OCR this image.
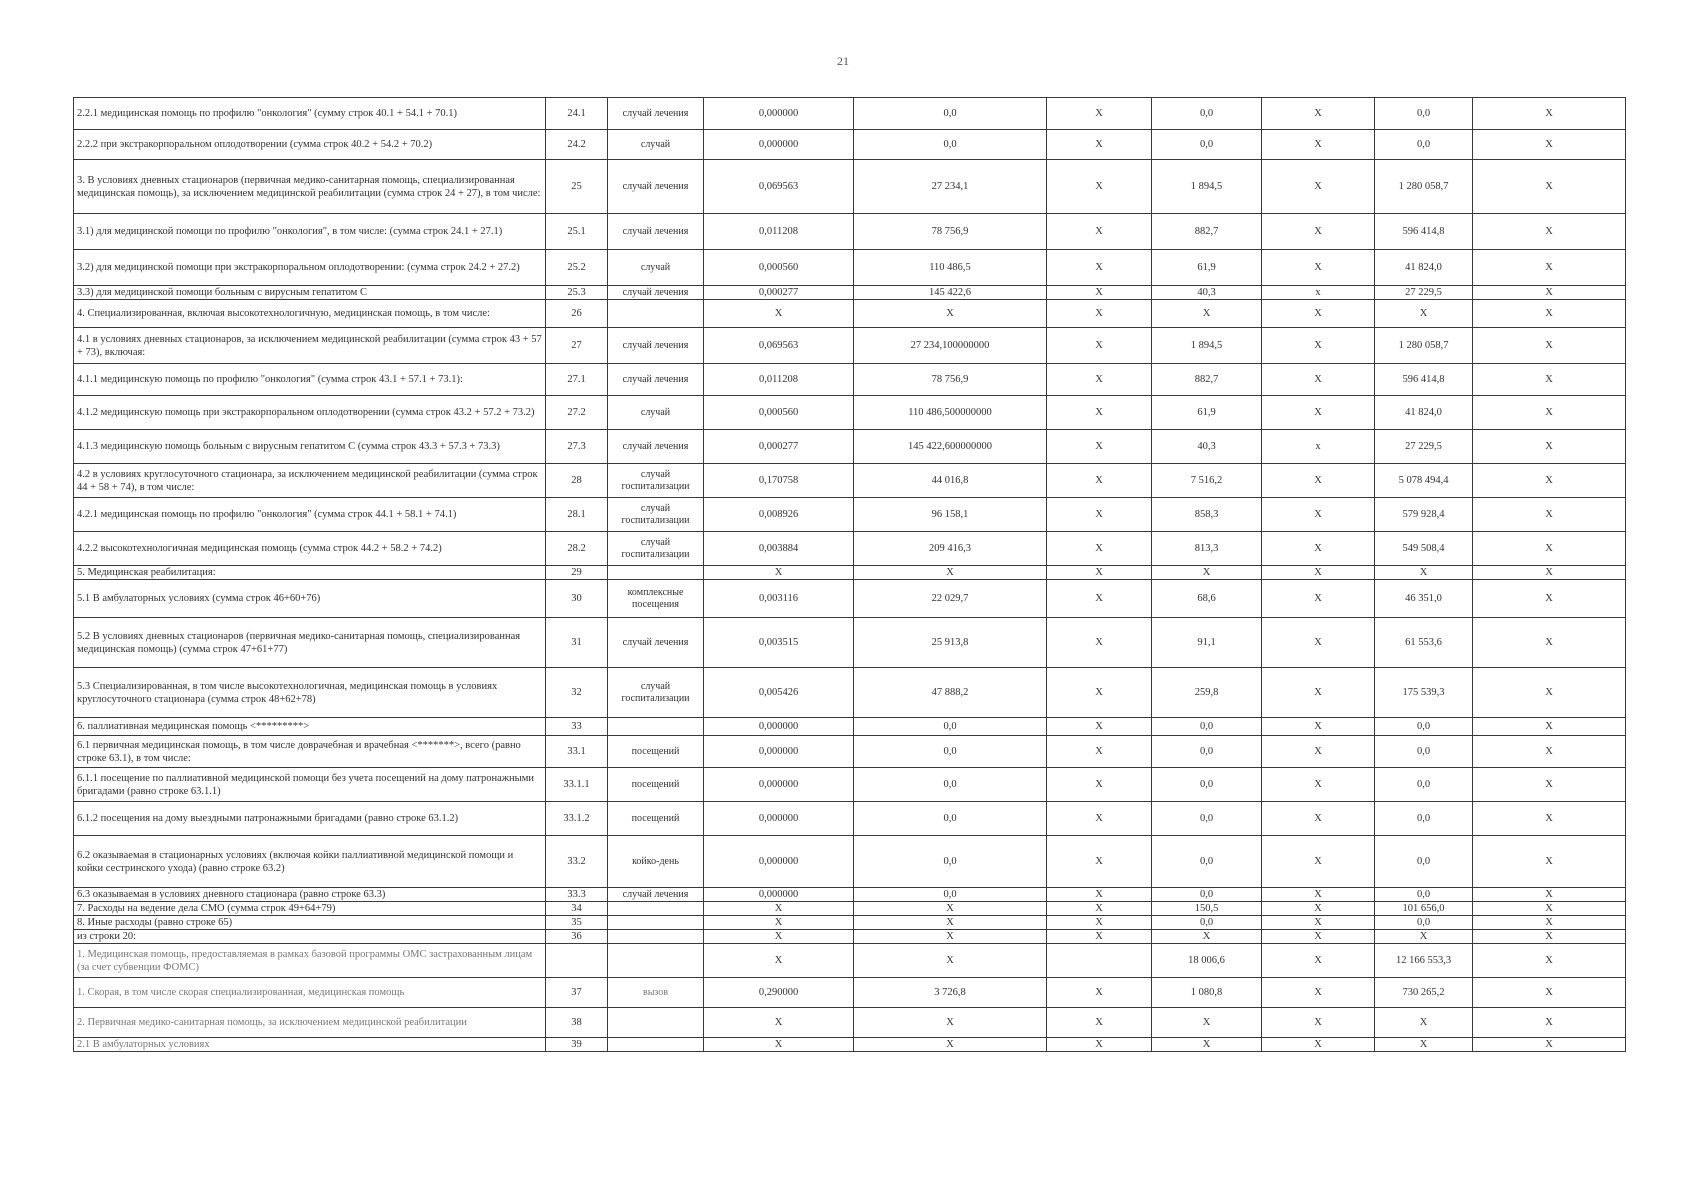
21
2.2.1 медицинская помощь по профилю "онкология" (сумму строк 40.1 + 54.1 + 70.1)	24.1	случай лечения	0,000000	0,0	X	0,0	X	0,0	X
2.2.2 при экстракорпоральном оплодотворении (сумма строк 40.2 + 54.2 + 70.2)	24.2	случай	0,000000	0,0	X	0,0	X	0,0	X
3. В условиях дневных стационаров (первичная медико-санитарная помощь, специализированная медицинская помощь), за исключением медицинской реабилитации (сумма строк 24 + 27), в том числе:	25	случай лечения	0,069563	27 234,1	X	1 894,5	X	1 280 058,7	X
3.1) для медицинской помощи по профилю "онкология", в том числе: (сумма строк 24.1 + 27.1)	25.1	случай лечения	0,011208	78 756,9	X	882,7	X	596 414,8	X
3.2) для медицинской помощи при экстракорпоральном оплодотворении: (сумма строк 24.2 + 27.2)	25.2	случай	0,000560	110 486,5	X	61,9	X	41 824,0	X
3.3) для медицинской помощи больным с вирусным гепатитом С	25.3	случай лечения	0,000277	145 422,6	X	40,3	x	27 229,5	X
4. Специализированная, включая высокотехнологичную, медицинская помощь, в том числе:	26		X	X	X	X	X	X	X
4.1 в условиях дневных стационаров, за исключением медицинской реабилитации (сумма строк 43 + 57 + 73), включая:	27	случай лечения	0,069563	27 234,100000000	X	1 894,5	X	1 280 058,7	X
4.1.1 медицинскую помощь по профилю "онкология" (сумма строк 43.1 + 57.1 + 73.1):	27.1	случай лечения	0,011208	78 756,9	X	882,7	X	596 414,8	X
4.1.2 медицинскую помощь при экстракорпоральном оплодотворении (сумма строк 43.2 + 57.2 + 73.2)	27.2	случай	0,000560	110 486,500000000	X	61,9	X	41 824,0	X
4.1.3 медицинскую помощь больным с вирусным гепатитом С (сумма строк 43.3 + 57.3 + 73.3)	27.3	случай лечения	0,000277	145 422,600000000	X	40,3	x	27 229,5	X
4.2 в условиях круглосуточного стационара, за исключением медицинской реабилитации (сумма строк 44 + 58 + 74), в том числе:	28	случай госпитализации	0,170758	44 016,8	X	7 516,2	X	5 078 494,4	X
4.2.1 медицинская помощь по профилю "онкология" (сумма строк 44.1 + 58.1 + 74.1)	28.1	случай госпитализации	0,008926	96 158,1	X	858,3	X	579 928,4	X
4.2.2 высокотехнологичная медицинская помощь (сумма строк 44.2 + 58.2 + 74.2)	28.2	случай госпитализации	0,003884	209 416,3	X	813,3	X	549 508,4	X
5. Медицинская реабилитация:	29		X	X	X	X	X	X	X
5.1 В амбулаторных условиях (сумма строк 46+60+76)	30	комплексные посещения	0,003116	22 029,7	X	68,6	X	46 351,0	X
5.2 В условиях дневных стационаров (первичная медико-санитарная помощь, специализированная медицинская помощь) (сумма строк 47+61+77)	31	случай лечения	0,003515	25 913,8	X	91,1	X	61 553,6	X
5.3 Специализированная, в том числе высокотехнологичная, медицинская помощь в условиях круглосуточного стационара (сумма строк 48+62+78)	32	случай госпитализации	0,005426	47 888,2	X	259,8	X	175 539,3	X
6. паллиативная медицинская помощь <*********>	33		0,000000	0,0	X	0,0	X	0,0	X
6.1 первичная медицинская помощь, в том числе доврачебная и врачебная <*******>, всего (равно строке 63.1), в том числе:	33.1	посещений	0,000000	0,0	X	0,0	X	0,0	X
6.1.1 посещение по паллиативной медицинской помощи без учета посещений на дому патронажными бригадами (равно строке 63.1.1)	33.1.1	посещений	0,000000	0,0	X	0,0	X	0,0	X
6.1.2 посещения на дому выездными патронажными бригадами (равно строке 63.1.2)	33.1.2	посещений	0,000000	0,0	X	0,0	X	0,0	X
6.2 оказываемая в стационарных условиях (включая койки паллиативной медицинской помощи и койки сестринского ухода) (равно строке 63.2)	33.2	койко-день	0,000000	0,0	X	0,0	X	0,0	X
6.3 оказываемая в условиях дневного стационара (равно строке 63.3)	33.3	случай лечения	0,000000	0,0	X	0,0	X	0,0	X
7. Расходы на ведение дела СМО (сумма строк 49+64+79)	34		X	X	X	150,5	X	101 656,0	X
8. Иные расходы (равно строке 65)	35		X	X	X	0,0	X	0,0	X
из строки 20:	36		X	X	X	X	X	X	X
1. Медицинская помощь, предоставляемая в рамках базовой программы ОМС застрахованным лицам (за счет субвенции ФОМС)			X	X		18 006,6	X	12 166 553,3	X
1. Скорая, в том числе скорая специализированная, медицинская помощь	37	вызов	0,290000	3 726,8	X	1 080,8	X	730 265,2	X
2. Первичная медико-санитарная помощь, за исключением медицинской реабилитации	38		X	X	X	X	X	X	X
2.1 В амбулаторных условиях	39		X	X	X	X	X	X	X
